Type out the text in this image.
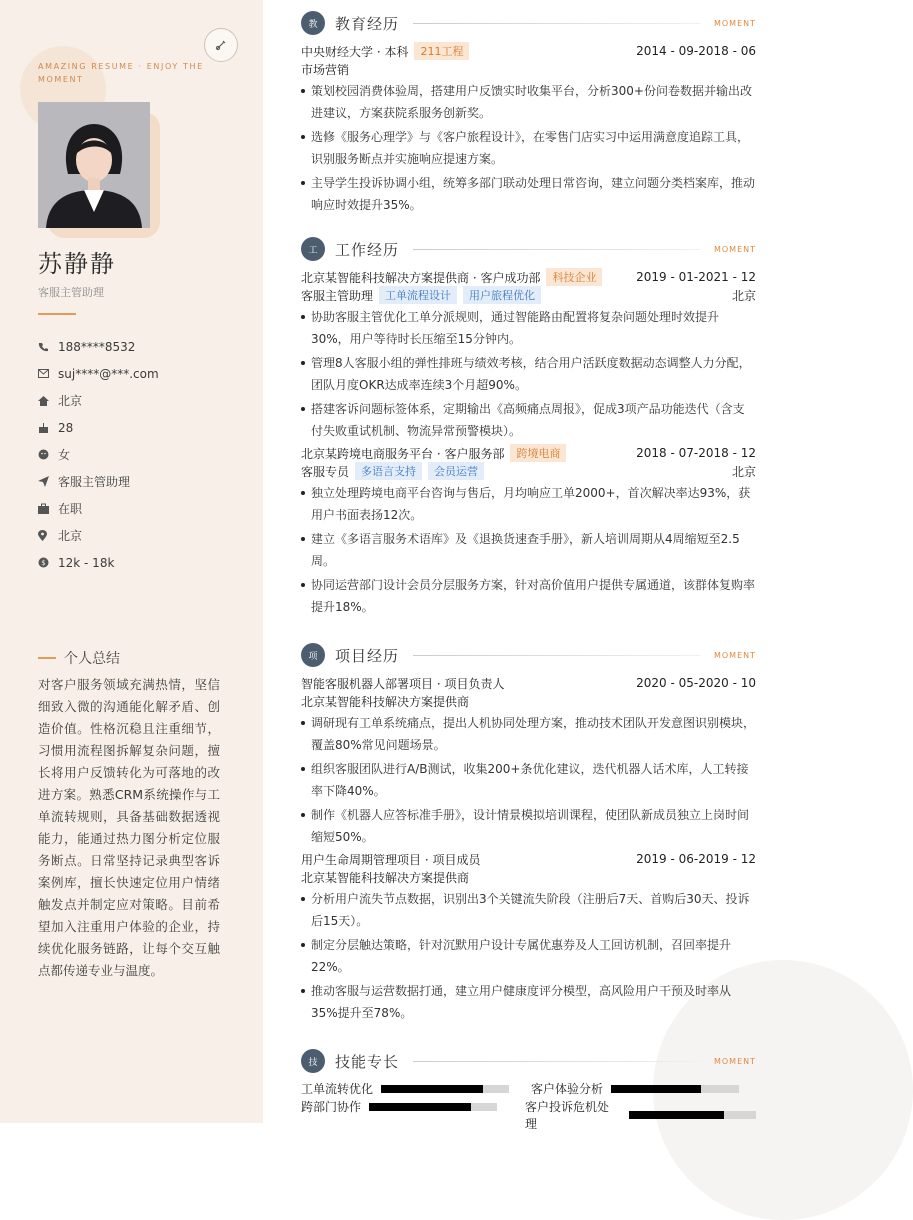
AMAZING RESUME · ENJOY THE MOMENT
苏静静
客服主管助理
188****8532
suj****@***.com
北京
28
女
客服主管助理
在职
北京
$ 12k - 18k
个人总结
对客户服务领域充满热情，坚信细致入微的沟通能化解矛盾、创造价值。性格沉稳且注重细节，习惯用流程图拆解复杂问题，擅长将用户反馈转化为可落地的改进方案。熟悉CRM系统操作与工单流转规则，具备基础数据透视能力，能通过热力图分析定位服务断点。日常坚持记录典型客诉案例库，擅长快速定位用户情绪触发点并制定应对策略。目前希望加入注重用户体验的企业，持续优化服务链路，让每个交互触点都传递专业与温度。
教	教育经历	MOMENT
中央财经大学 · 本科	211工程	2014 - 09-2018 - 06
市场营销
策划校园消费体验周，搭建用户反馈实时收集平台，分析300+份问卷数据并输出改进建议，方案获院系服务创新奖。
选修《服务心理学》与《客户旅程设计》，在零售门店实习中运用满意度追踪工具，识别服务断点并实施响应提速方案。
主导学生投诉协调小组，统筹多部门联动处理日常咨询，建立问题分类档案库，推动响应时效提升35%。
工	工作经历	MOMENT
北京某智能科技解决方案提供商 · 客户成功部	科技企业	2019 - 01-2021 - 12
客服主管助理	工单流程设计	用户旅程优化	北京
协助客服主管优化工单分派规则，通过智能路由配置将复杂问题处理时效提升30%，用户等待时长压缩至15分钟内。
管理8人客服小组的弹性排班与绩效考核，结合用户活跃度数据动态调整人力分配，团队月度OKR达成率连续3个月超90%。
搭建客诉问题标签体系，定期输出《高频痛点周报》，促成3项产品功能迭代（含支付失败重试机制、物流异常预警模块）。
北京某跨境电商服务平台 · 客户服务部	跨境电商	2018 - 07-2018 - 12
客服专员	多语言支持	会员运营	北京
独立处理跨境电商平台咨询与售后，月均响应工单2000+，首次解决率达93%，获用户书面表扬12次。
建立《多语言服务术语库》及《退换货速查手册》，新人培训周期从4周缩短至2.5周。
协同运营部门设计会员分层服务方案，针对高价值用户提供专属通道，该群体复购率提升18%。
项	项目经历	MOMENT
智能客服机器人部署项目 · 项目负责人	2020 - 05-2020 - 10
北京某智能科技解决方案提供商
调研现有工单系统痛点，提出人机协同处理方案，推动技术团队开发意图识别模块，覆盖80%常见问题场景。
组织客服团队进行A/B测试，收集200+条优化建议，迭代机器人话术库，人工转接率下降40%。
制作《机器人应答标准手册》，设计情景模拟培训课程，使团队新成员独立上岗时间缩短50%。
用户生命周期管理项目 · 项目成员	2019 - 06-2019 - 12
北京某智能科技解决方案提供商
分析用户流失节点数据，识别出3个关键流失阶段（注册后7天、首购后30天、投诉后15天）。
制定分层触达策略，针对沉默用户设计专属优惠券及人工回访机制，召回率提升22%。
推动客服与运营数据打通，建立用户健康度评分模型，高风险用户干预及时率从35%提升至78%。
技	技能专长	MOMENT
工单流转优化	客户体验分析
跨部门协作	客户投诉危机处理
